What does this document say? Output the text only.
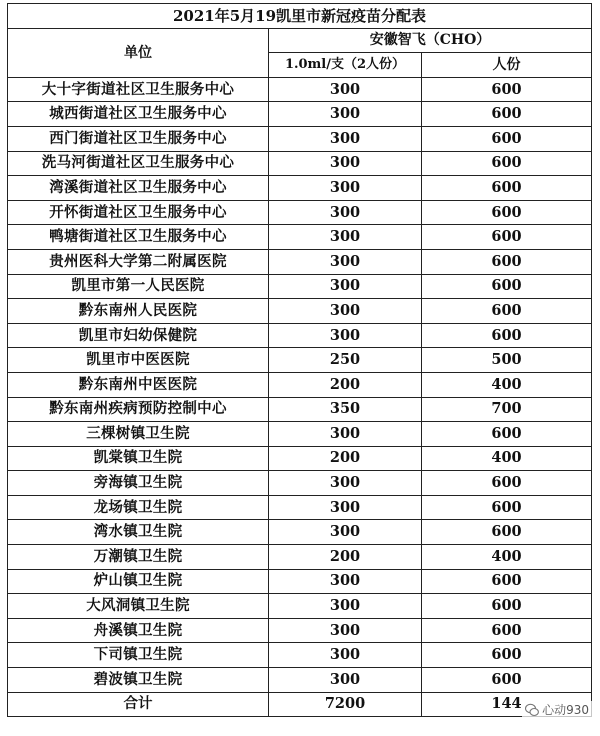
2021年5月19凯里市新冠疫苗分配表		
单位	安徽智飞（CHO）	
	1.0ml/支（2人份）	人份
大十字街道社区卫生服务中心	300	600
城西街道社区卫生服务中心	300	600
西门街道社区卫生服务中心	300	600
洗马河街道社区卫生服务中心	300	600
湾溪街道社区卫生服务中心	300	600
开怀街道社区卫生服务中心	300	600
鸭塘街道社区卫生服务中心	300	600
贵州医科大学第二附属医院	300	600
凯里市第一人民医院	300	600
黔东南州人民医院	300	600
凯里市妇幼保健院	300	600
凯里市中医医院	250	500
黔东南州中医医院	200	400
黔东南州疾病预防控制中心	350	700
三棵树镇卫生院	300	600
凯棠镇卫生院	200	400
旁海镇卫生院	300	600
龙场镇卫生院	300	600
湾水镇卫生院	300	600
万潮镇卫生院	200	400
炉山镇卫生院	300	600
大风洞镇卫生院	300	600
舟溪镇卫生院	300	600
下司镇卫生院	300	600
碧波镇卫生院	300	600
合计	7200	144 心动930
